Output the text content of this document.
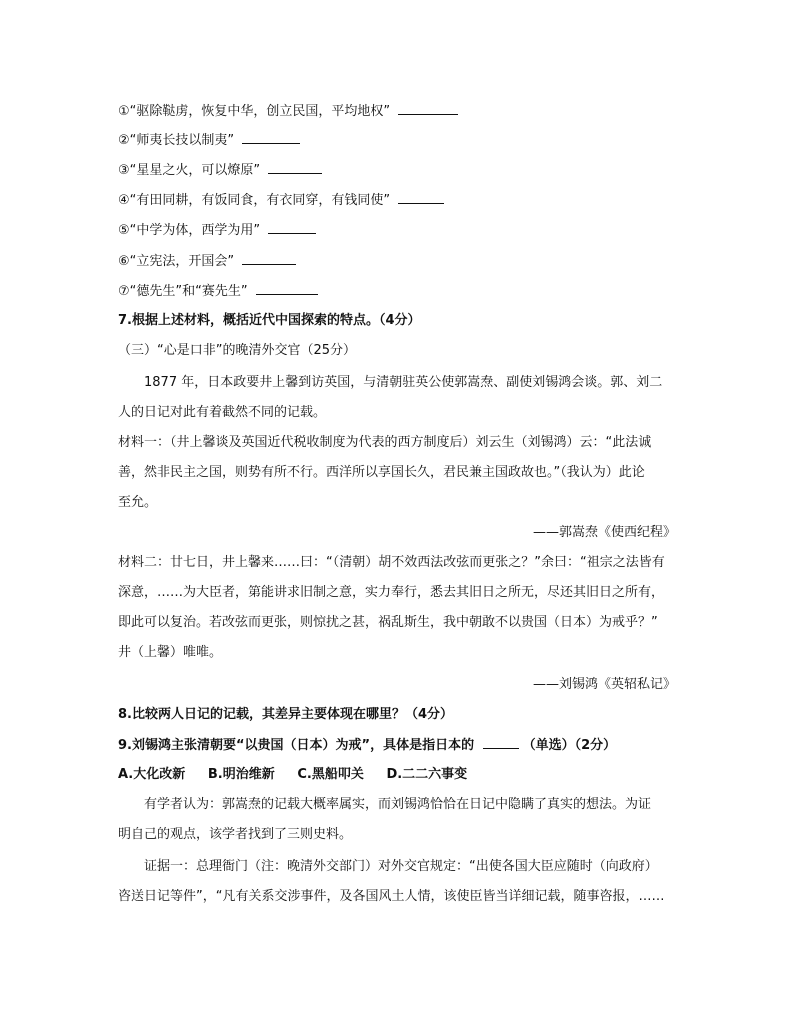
①“驱除鞑虏，恢复中华，创立民国，平均地权”
②“师夷长技以制夷”
③“星星之火，可以燎原”
④“有田同耕，有饭同食，有衣同穿，有钱同使”
⑤“中学为体，西学为用”
⑥“立宪法，开国会”
⑦“德先生”和“赛先生”
7.根据上述材料，概括近代中国探索的特点。（4分）
（三）“心是口非”的晚清外交官（25分）
1877 年，日本政要井上馨到访英国，与清朝驻英公使郭嵩焘、副使刘锡鸿会谈。郭、刘二
人的日记对此有着截然不同的记载。
材料一：（井上馨谈及英国近代税收制度为代表的西方制度后）刘云生（刘锡鸿）云：“此法诚
善，然非民主之国，则势有所不行。西洋所以享国长久，君民兼主国政故也。”（我认为）此论
至允。
——郭嵩焘《使西纪程》
材料二：廿七日，井上馨来……曰：“（清朝）胡不效西法改弦而更张之？”余曰：“祖宗之法皆有
深意，……为大臣者，第能讲求旧制之意，实力奉行，悉去其旧日之所无，尽还其旧日之所有，
即此可以复治。若改弦而更张，则惊扰之甚，祸乱斯生，我中朝敢不以贵国（日本）为戒乎？”
井（上馨）唯唯。
——刘锡鸿《英轺私记》
8.比较两人日记的记载，其差异主要体现在哪里？（4分）
9.刘锡鸿主张清朝要“以贵国（日本）为戒”，具体是指日本的	（单选）（2分）
A.大化改新     B.明治维新     C.黑船叩关     D.二二六事变
有学者认为：郭嵩焘的记载大概率属实，而刘锡鸿恰恰在日记中隐瞒了真实的想法。为证
明自己的观点，该学者找到了三则史料。
证据一：总理衙门（注：晚清外交部门）对外交官规定：“出使各国大臣应随时（向政府）
咨送日记等件”，“凡有关系交涉事件，及各国风土人情，该使臣皆当详细记载，随事咨报，……
